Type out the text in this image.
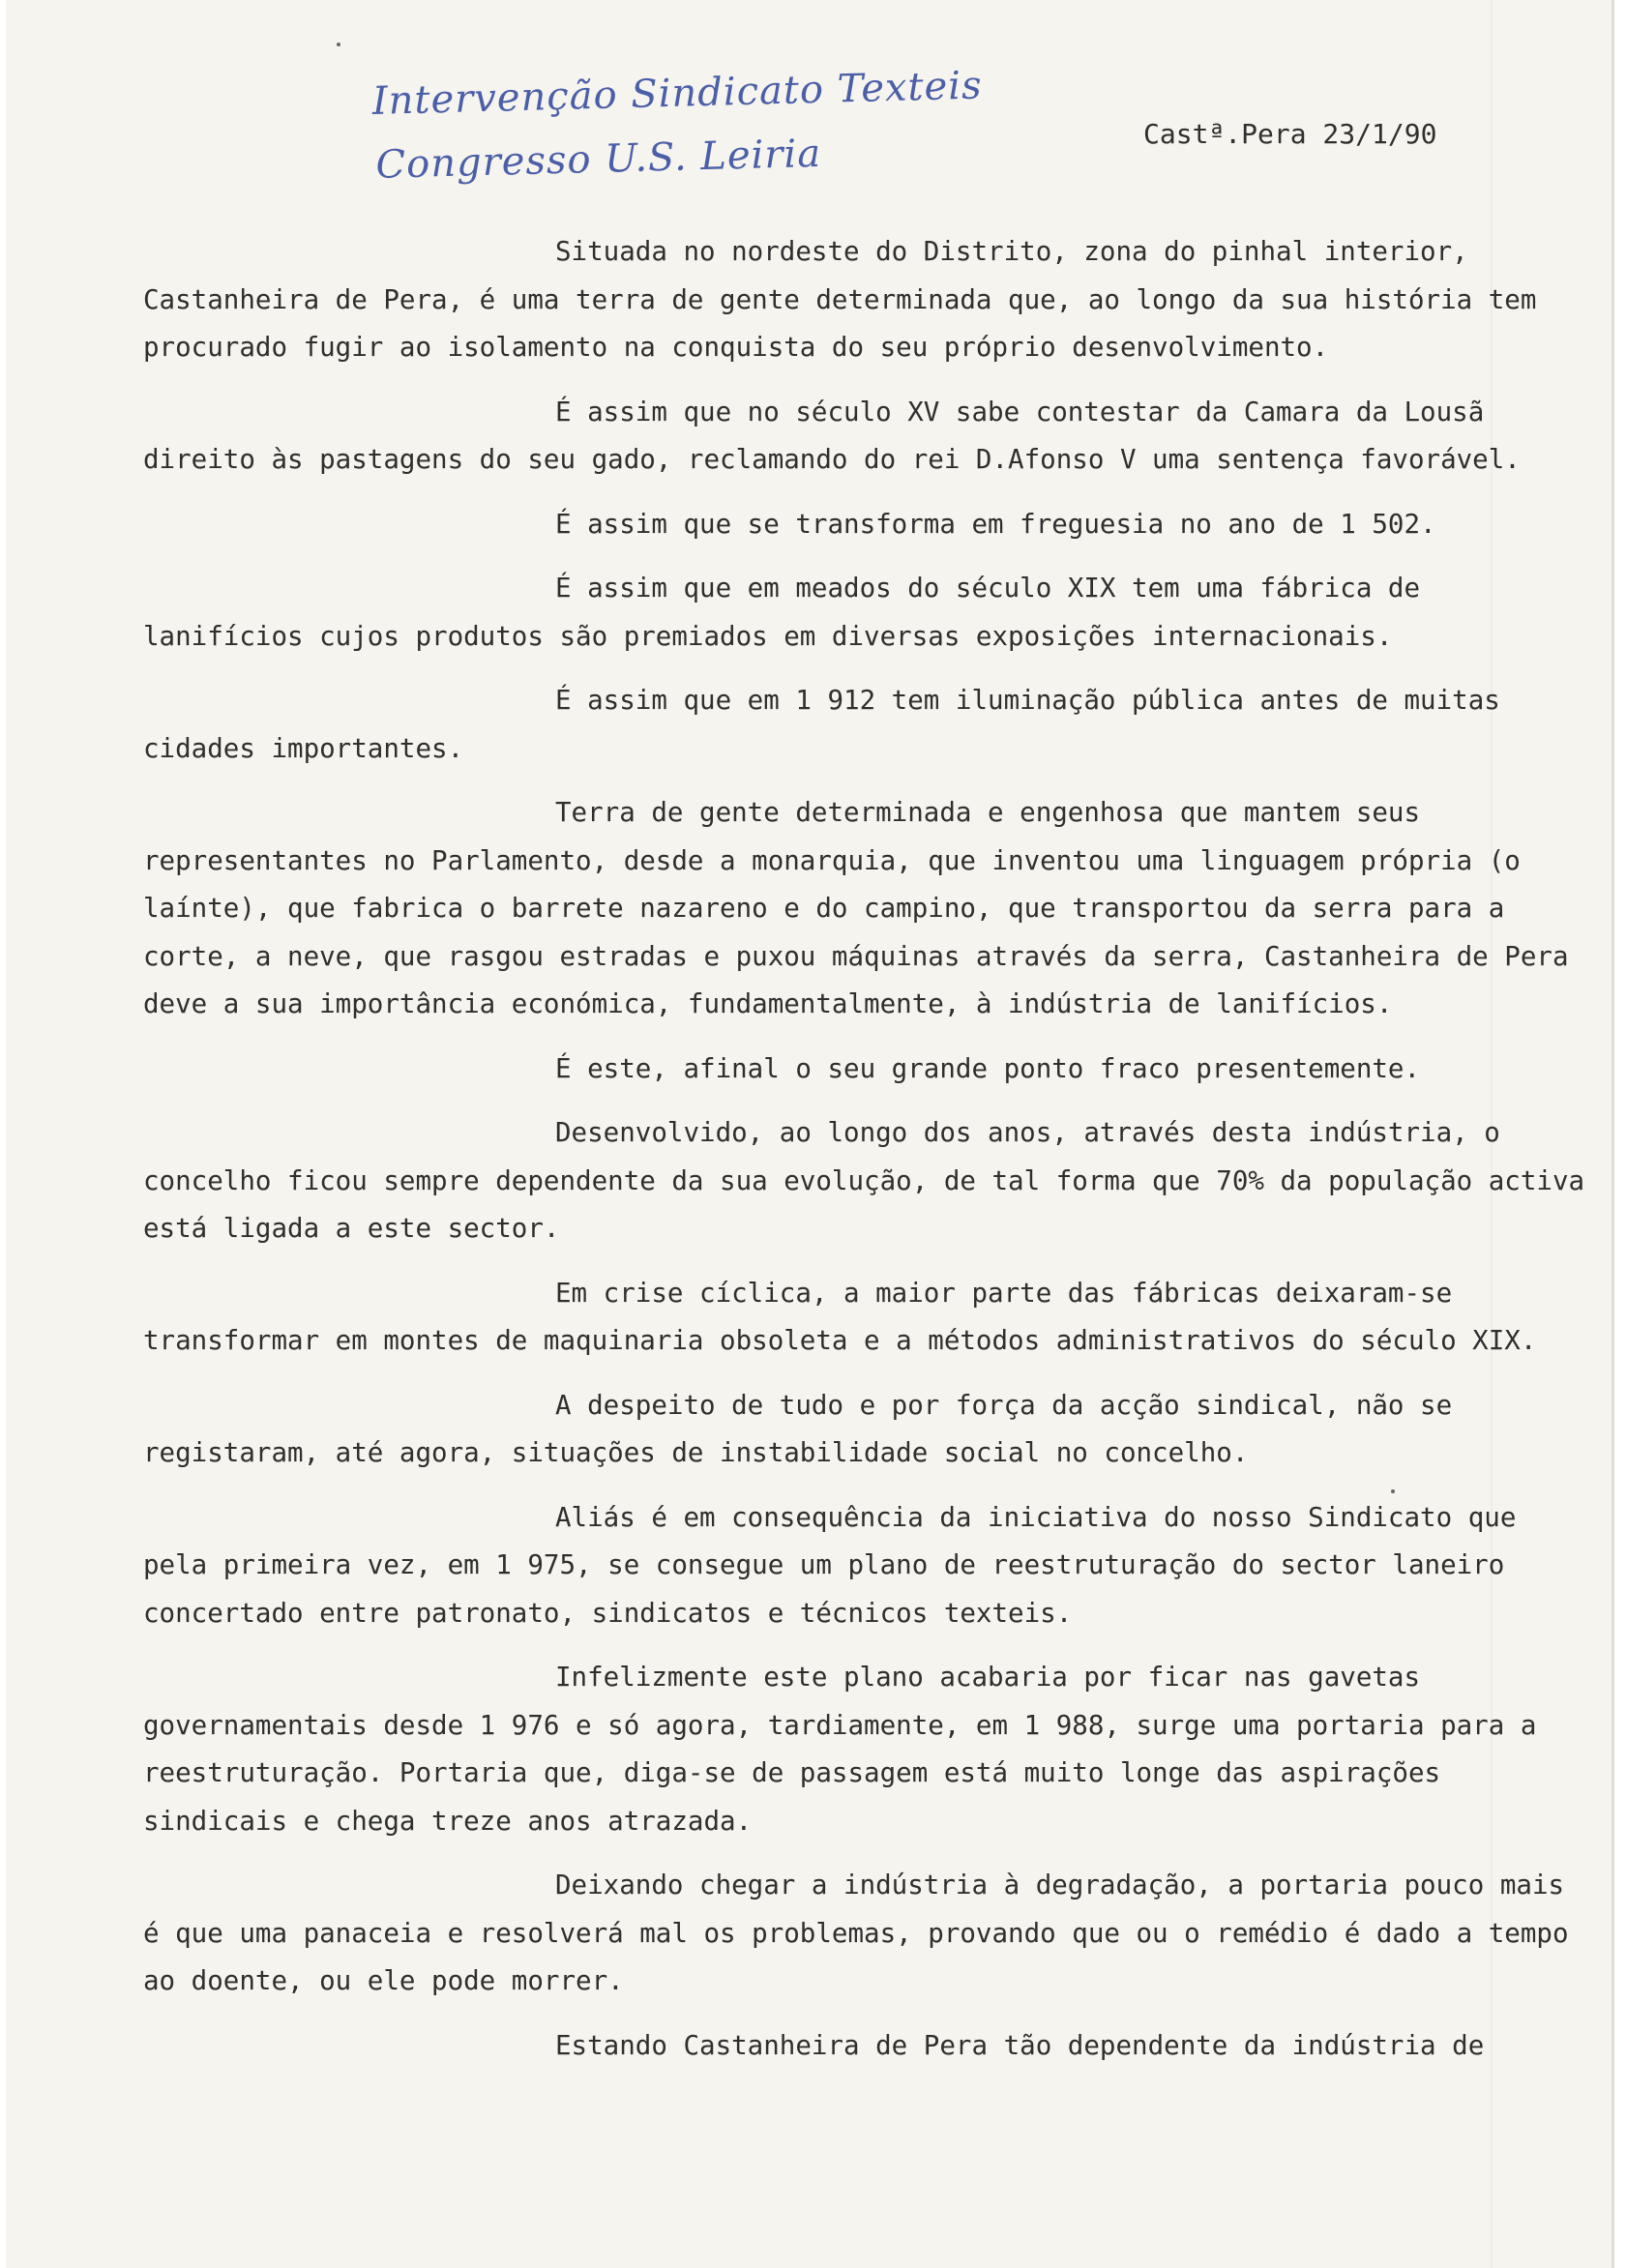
Intervenção Sindicato Texteis
Congresso U.S. Leiria	Castª.Pera 23/1/90

Situada no nordeste do Distrito, zona do pinhal interior, Castanheira de Pera, é uma terra de gente determinada que, ao longo da sua história tem procurado fugir ao isolamento na conquista do seu próprio desenvolvimento.

É assim que no século XV sabe contestar da Camara da Lousã direito às pastagens do seu gado, reclamando do rei D.Afonso V uma sentença favorável.

É assim que se transforma em freguesia no ano de 1 502.

É assim que em meados do século XIX tem uma fábrica de lanifícios cujos produtos são premiados em diversas exposições internacionais.

É assim que em 1 912 tem iluminação pública antes de muitas cidades importantes.

Terra de gente determinada e engenhosa que mantem seus representantes no Parlamento, desde a monarquia, que inventou uma linguagem própria (o laínte), que fabrica o barrete nazareno e do campino, que transportou da serra para a corte, a neve, que rasgou estradas e puxou máquinas através da serra, Castanheira de Pera deve a sua importância económica, fundamentalmente, à indústria de lanifícios.

É este, afinal o seu grande ponto fraco presentemente.

Desenvolvido, ao longo dos anos, através desta indústria, o concelho ficou sempre dependente da sua evolução, de tal forma que 70% da população activa está ligada a este sector.

Em crise cíclica, a maior parte das fábricas deixaram-se transformar em montes de maquinaria obsoleta e a métodos administrativos do século XIX.

A despeito de tudo e por força da acção sindical, não se registaram, até agora, situações de instabilidade social no concelho.

Aliás é em consequência da iniciativa do nosso Sindicato que pela primeira vez, em 1 975, se consegue um plano de reestruturação do sector laneiro concertado entre patronato, sindicatos e técnicos texteis.

Infelizmente este plano acabaria por ficar nas gavetas governamentais desde 1 976 e só agora, tardiamente, em 1 988, surge uma portaria para a reestruturação. Portaria que, diga-se de passagem está muito longe das aspirações sindicais e chega treze anos atrazada.

Deixando chegar a indústria à degradação, a portaria pouco mais é que uma panaceia e resolverá mal os problemas, provando que ou o remédio é dado a tempo ao doente, ou ele pode morrer.

Estando Castanheira de Pera tão dependente da indústria de
